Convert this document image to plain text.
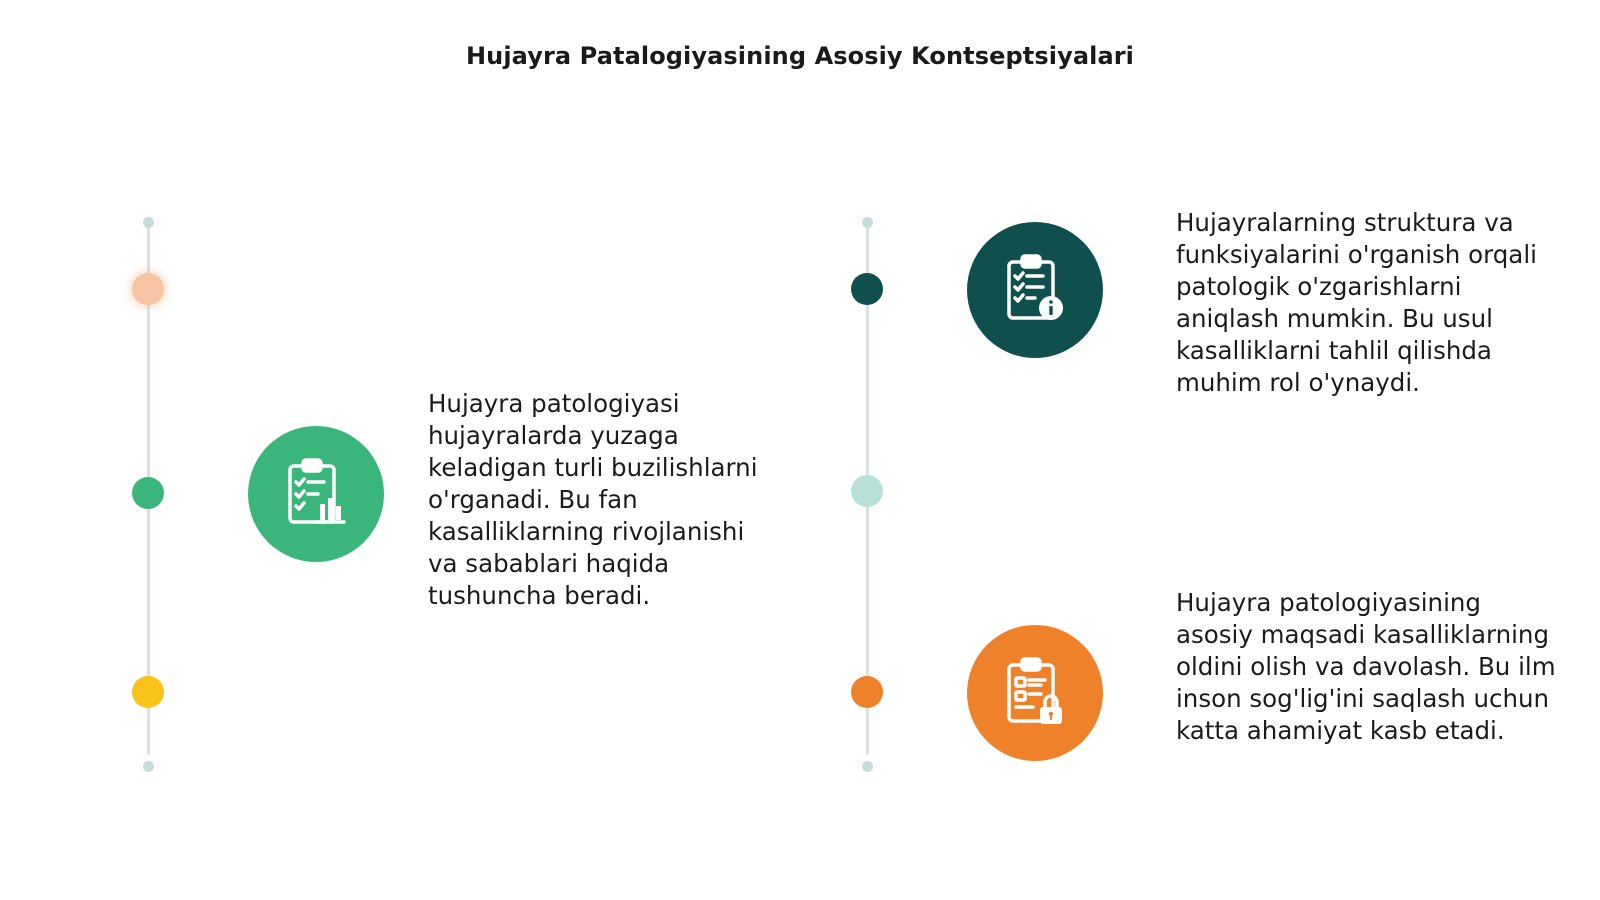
Hujayra Patalogiyasining Asosiy Kontseptsiyalari

Hujayra patologiyasi hujayralarda yuzaga keladigan turli buzilishlarni o'rganadi. Bu fan kasalliklarning rivojlanishi va sabablari haqida tushuncha beradi.

Hujayralarning struktura va funksiyalarini o'rganish orqali patologik o'zgarishlarni aniqlash mumkin. Bu usul kasalliklarni tahlil qilishda muhim rol o'ynaydi.

Hujayra patologiyasining asosiy maqsadi kasalliklarning oldini olish va davolash. Bu ilm inson sog'lig'ini saqlash uchun katta ahamiyat kasb etadi.
